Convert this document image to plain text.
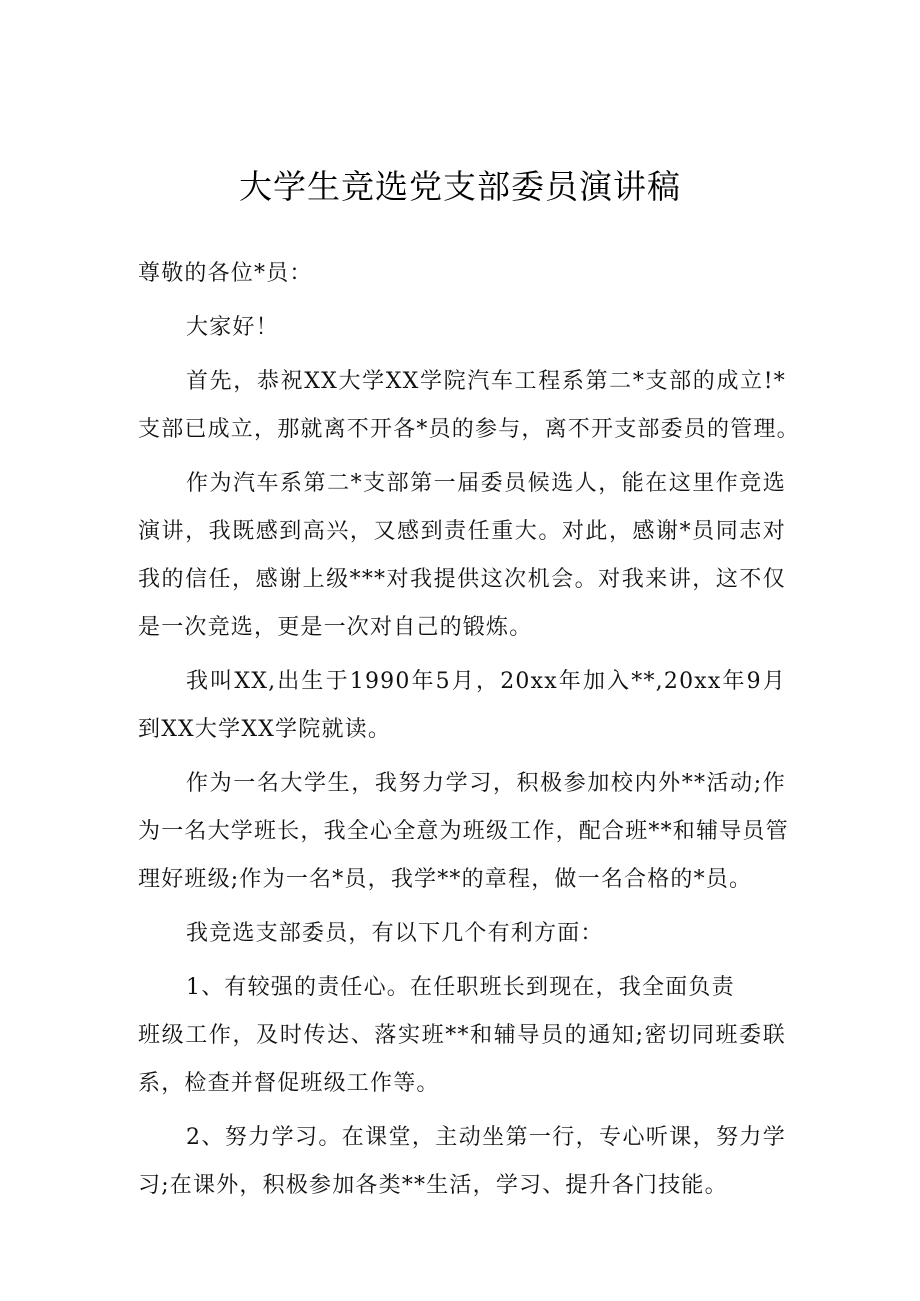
大学生竞选党支部委员演讲稿

尊敬的各位*员：

大家好！

首先，恭祝XX大学XX学院汽车工程系第二*支部的成立!*

支部已成立，那就离不开各*员的参与，离不开支部委员的管理。

作为汽车系第二*支部第一届委员候选人，能在这里作竞选

演讲，我既感到高兴，又感到责任重大。对此，感谢*员同志对

我的信任，感谢上级***对我提供这次机会。对我来讲，这不仅

是一次竞选，更是一次对自己的锻炼。

我叫XX,出生于1990年5月，20xx年加入**,20xx年9月

到XX大学XX学院就读。

作为一名大学生，我努力学习，积极参加校内外**活动;作

为一名大学班长，我全心全意为班级工作，配合班**和辅导员管

理好班级;作为一名*员，我学**的章程，做一名合格的*员。

我竞选支部委员，有以下几个有利方面：

1、有较强的责任心。在任职班长到现在，我全面负责

班级工作，及时传达、落实班**和辅导员的通知;密切同班委联

系，检查并督促班级工作等。

2、努力学习。在课堂，主动坐第一行，专心听课，努力学

习;在课外，积极参加各类**生活，学习、提升各门技能。
